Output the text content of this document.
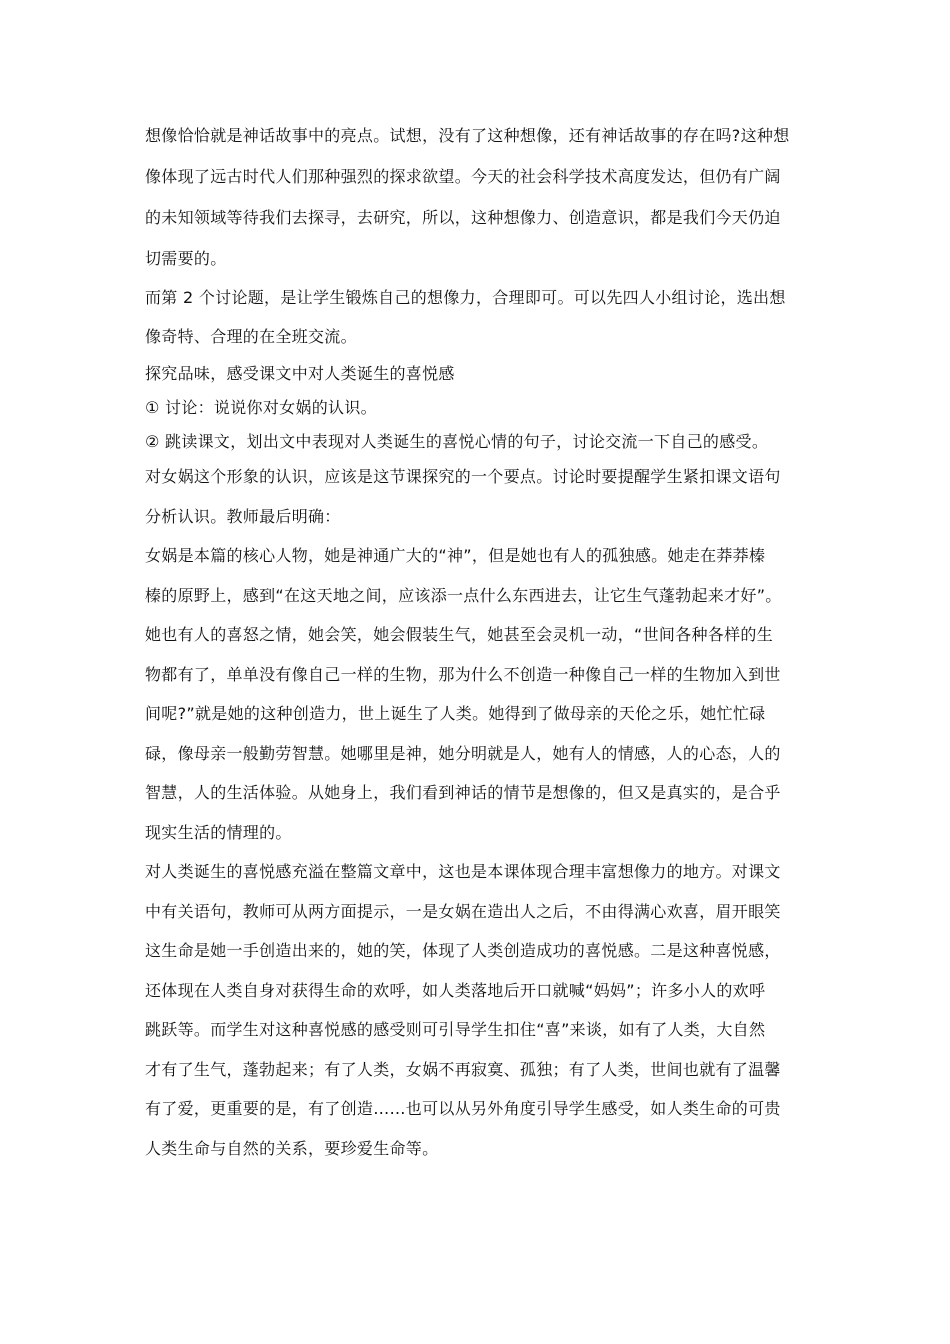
想像恰恰就是神话故事中的亮点。试想，没有了这种想像，还有神话故事的存在吗?这种想
像体现了远古时代人们那种强烈的探求欲望。今天的社会科学技术高度发达，但仍有广阔
的未知领域等待我们去探寻，去研究，所以，这种想像力、创造意识，都是我们今天仍迫
切需要的。
而第 2 个讨论题，是让学生锻炼自己的想像力，合理即可。可以先四人小组讨论，选出想
像奇特、合理的在全班交流。
探究品味，感受课文中对人类诞生的喜悦感
① 讨论：说说你对女娲的认识。
② 跳读课文，划出文中表现对人类诞生的喜悦心情的句子，讨论交流一下自己的感受。
对女娲这个形象的认识，应该是这节课探究的一个要点。讨论时要提醒学生紧扣课文语句
分析认识。教师最后明确：
女娲是本篇的核心人物，她是神通广大的“神”，但是她也有人的孤独感。她走在莽莽榛
榛的原野上，感到“在这天地之间，应该添一点什么东西进去，让它生气蓬勃起来才好”。
她也有人的喜怒之情，她会笑，她会假装生气，她甚至会灵机一动，“世间各种各样的生
物都有了，单单没有像自己一样的生物，那为什么不创造一种像自己一样的生物加入到世
间呢?”就是她的这种创造力，世上诞生了人类。她得到了做母亲的天伦之乐，她忙忙碌
碌，像母亲一般勤劳智慧。她哪里是神，她分明就是人，她有人的情感，人的心态，人的
智慧，人的生活体验。从她身上，我们看到神话的情节是想像的，但又是真实的，是合乎
现实生活的情理的。
对人类诞生的喜悦感充溢在整篇文章中，这也是本课体现合理丰富想像力的地方。对课文
中有关语句，教师可从两方面提示，一是女娲在造出人之后，不由得满心欢喜，眉开眼笑
这生命是她一手创造出来的，她的笑，体现了人类创造成功的喜悦感。二是这种喜悦感，
还体现在人类自身对获得生命的欢呼，如人类落地后开口就喊“妈妈”；许多小人的欢呼
跳跃等。而学生对这种喜悦感的感受则可引导学生扣住“喜”来谈，如有了人类，大自然
才有了生气，蓬勃起来；有了人类，女娲不再寂寞、孤独；有了人类，世间也就有了温馨
有了爱，更重要的是，有了创造……也可以从另外角度引导学生感受，如人类生命的可贵
人类生命与自然的关系，要珍爱生命等。
